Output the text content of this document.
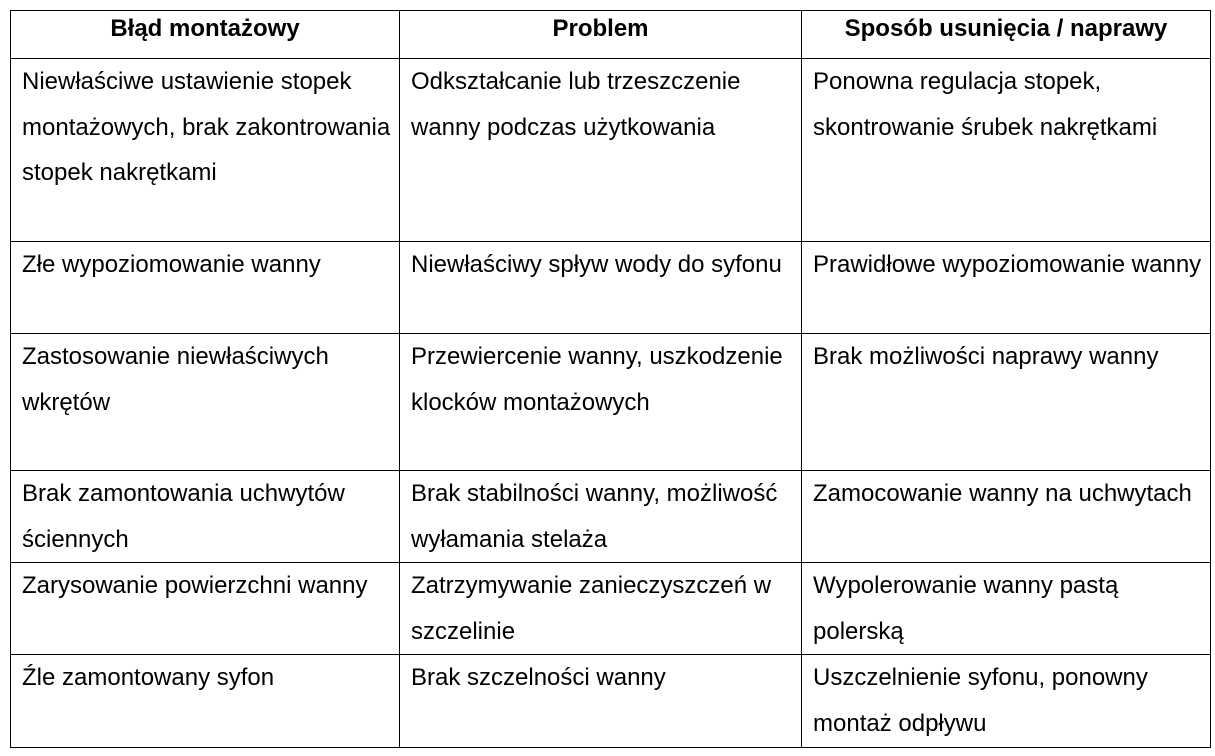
Błąd montażowy	Problem	Sposób usunięcia / naprawy

Niewłaściwe ustawienie stopek montażowych, brak zakontrowania stopek nakrętkami	Odkształcanie lub trzeszczenie wanny podczas użytkowania	Ponowna regulacja stopek, skontrowanie śrubek nakrętkami

Złe wypoziomowanie wanny	Niewłaściwy spływ wody do syfonu	Prawidłowe wypoziomowanie wanny

Zastosowanie niewłaściwych wkrętów	Przewiercenie wanny, uszkodzenie klocków montażowych	Brak możliwości naprawy wanny

Brak zamontowania uchwytów ściennych	Brak stabilności wanny, możliwość wyłamania stelaża	Zamocowanie wanny na uchwytach

Zarysowanie powierzchni wanny	Zatrzymywanie zanieczyszczeń w szczelinie	Wypolerowanie wanny pastą polerską

Źle zamontowany syfon	Brak szczelności wanny	Uszczelnienie syfonu, ponowny montaż odpływu
